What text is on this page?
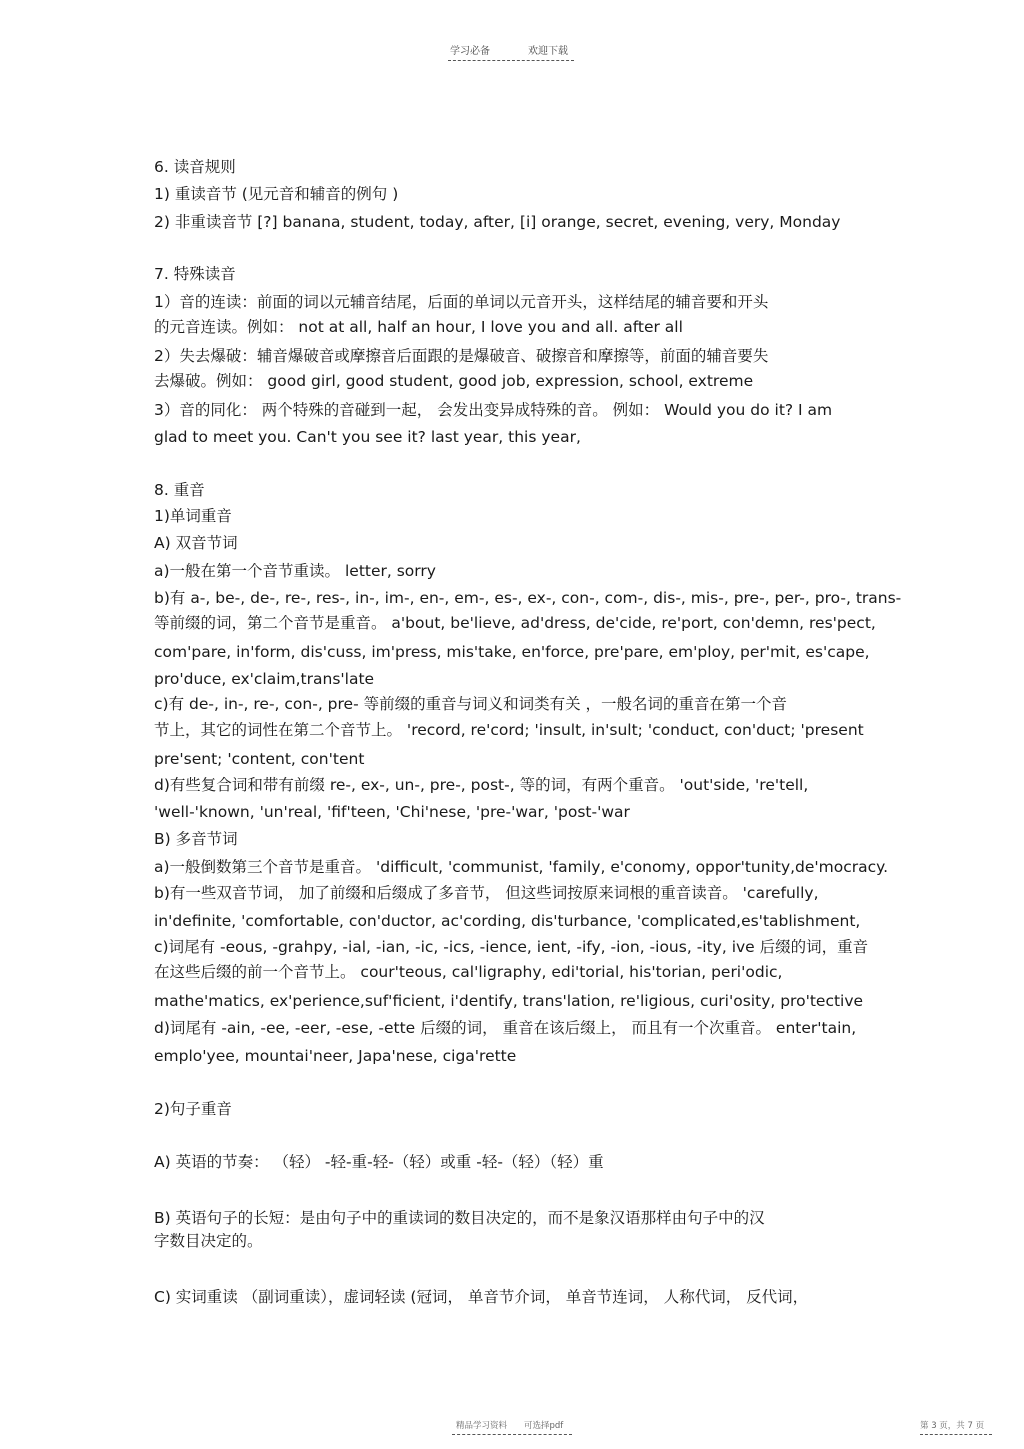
学习必备	欢迎下载
6. 读音规则
1) 重读音节 (见元音和辅音的例句 )
2) 非重读音节 [?] banana, student, today, after, [i] orange, secret, evening, very, Monday
7. 特殊读音
1）音的连读：前面的词以元辅音结尾，后面的单词以元音开头，这样结尾的辅音要和开头
的元音连读。例如： not at all, half an hour, I love you and all. after all
2）失去爆破：辅音爆破音或摩擦音后面跟的是爆破音、破擦音和摩擦等，前面的辅音要失
去爆破。例如： good girl, good student, good job, expression, school, extreme
3）音的同化： 两个特殊的音碰到一起， 会发出变异成特殊的音。 例如： Would you do it? I am
glad to meet you. Can't you see it? last year, this year,
8. 重音
1)单词重音
A) 双音节词
a)一般在第一个音节重读。 letter, sorry
b)有 a-, be-, de-, re-, res-, in-, im-, en-, em-, es-, ex-, con-, com-, dis-, mis-, pre-, per-, pro-, trans-
等前缀的词，第二个音节是重音。 a'bout, be'lieve, ad'dress, de'cide, re'port, con'demn, res'pect,
com'pare, in'form, dis'cuss, im'press, mis'take, en'force, pre'pare, em'ploy, per'mit, es'cape,
pro'duce, ex'claim,trans'late
c)有 de-, in-, re-, con-, pre- 等前缀的重音与词义和词类有关 ，一般名词的重音在第一个音
节上，其它的词性在第二个音节上。 'record, re'cord; 'insult, in'sult; 'conduct, con'duct; 'present
pre'sent; 'content, con'tent
d)有些复合词和带有前缀 re-, ex-, un-, pre-, post-, 等的词，有两个重音。 'out'side, 're'tell,
'well-'known, 'un'real, 'fif'teen, 'Chi'nese, 'pre-'war, 'post-'war
B) 多音节词
a)一般倒数第三个音节是重音。 'difficult, 'communist, 'family, e'conomy, oppor'tunity,de'mocracy.
b)有一些双音节词， 加了前缀和后缀成了多音节， 但这些词按原来词根的重音读音。 'carefully,
in'definite, 'comfortable, con'ductor, ac'cording, dis'turbance, 'complicated,es'tablishment,
c)词尾有 -eous, -grahpy, -ial, -ian, -ic, -ics, -ience, ient, -ify, -ion, -ious, -ity, ive 后缀的词，重音
在这些后缀的前一个音节上。 cour'teous, cal'ligraphy, edi'torial, his'torian, peri'odic,
mathe'matics, ex'perience,suf'ficient, i'dentify, trans'lation, re'ligious, curi'osity, pro'tective
d)词尾有 -ain, -ee, -eer, -ese, -ette 后缀的词， 重音在该后缀上， 而且有一个次重音。 enter'tain,
emplo'yee, mountai'neer, Japa'nese, ciga'rette
2)句子重音
A) 英语的节奏： （轻） -轻-重-轻-（轻）或重 -轻-（轻）（轻）重
B) 英语句子的长短：是由句子中的重读词的数目决定的，而不是象汉语那样由句子中的汉
字数目决定的。
C) 实词重读 （副词重读），虚词轻读 (冠词， 单音节介词， 单音节连词， 人称代词， 反代词，
精品学习资料　　可选择pdf	第 3 页，共 7 页
